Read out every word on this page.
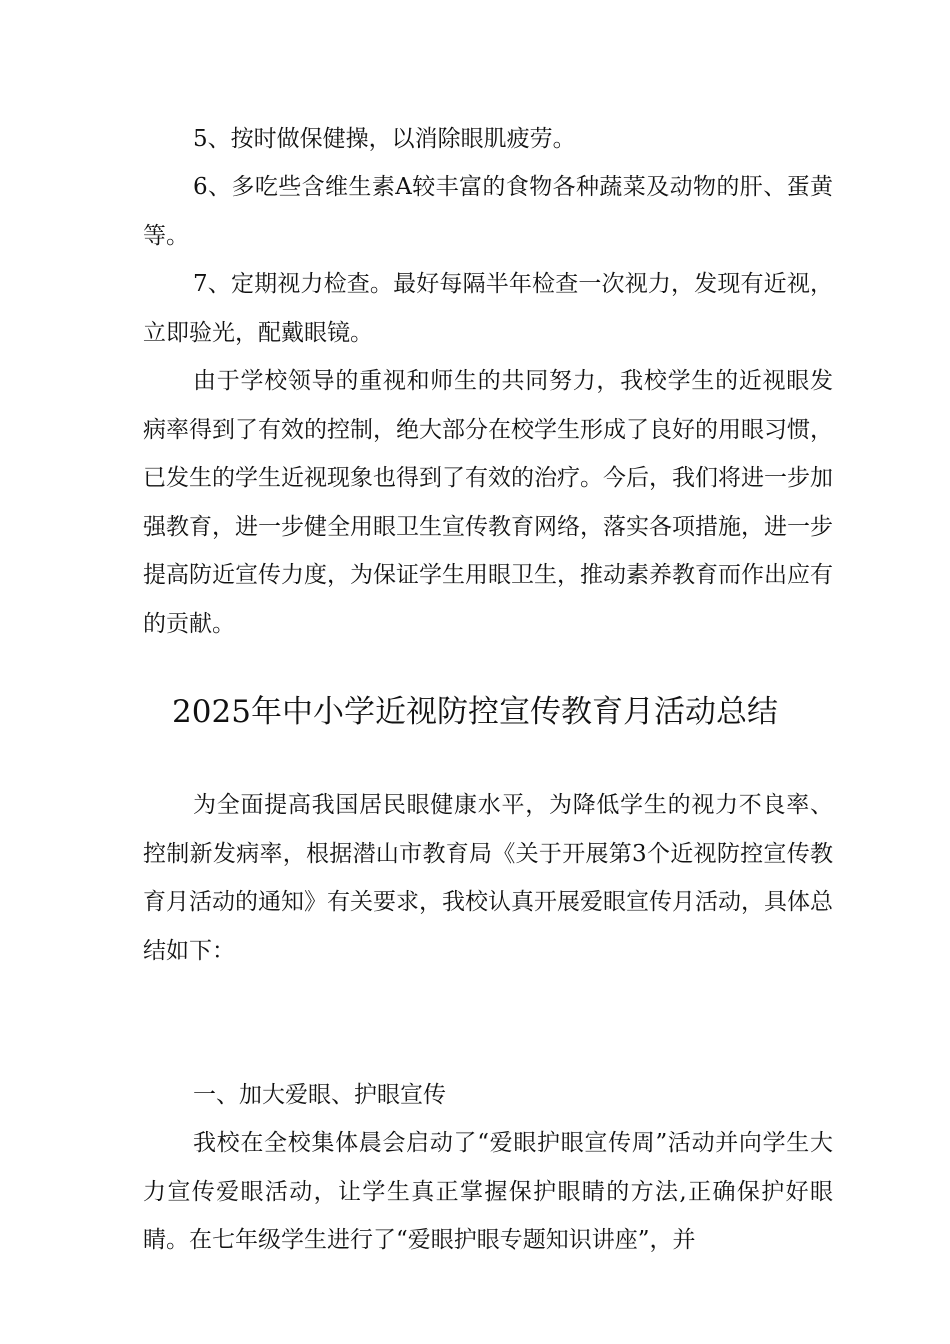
5、按时做保健操，以消除眼肌疲劳。

6、多吃些含维生素A较丰富的食物各种蔬菜及动物的肝、蛋黄等。

7、定期视力检查。最好每隔半年检查一次视力，发现有近视，立即验光，配戴眼镜。

由于学校领导的重视和师生的共同努力，我校学生的近视眼发病率得到了有效的控制，绝大部分在校学生形成了良好的用眼习惯，已发生的学生近视现象也得到了有效的治疗。今后，我们将进一步加强教育，进一步健全用眼卫生宣传教育网络，落实各项措施，进一步提高防近宣传力度，为保证学生用眼卫生，推动素养教育而作出应有的贡献。

2025年中小学近视防控宣传教育月活动总结

为全面提高我国居民眼健康水平，为降低学生的视力不良率、控制新发病率，根据潜山市教育局《关于开展第3个近视防控宣传教育月活动的通知》有关要求，我校认真开展爱眼宣传月活动，具体总结如下：

一、加大爱眼、护眼宣传

我校在全校集体晨会启动了“爱眼护眼宣传周”活动并向学生大力宣传爱眼活动，让学生真正掌握保护眼睛的方法,正确保护好眼睛。在七年级学生进行了“爱眼护眼专题知识讲座”，并
